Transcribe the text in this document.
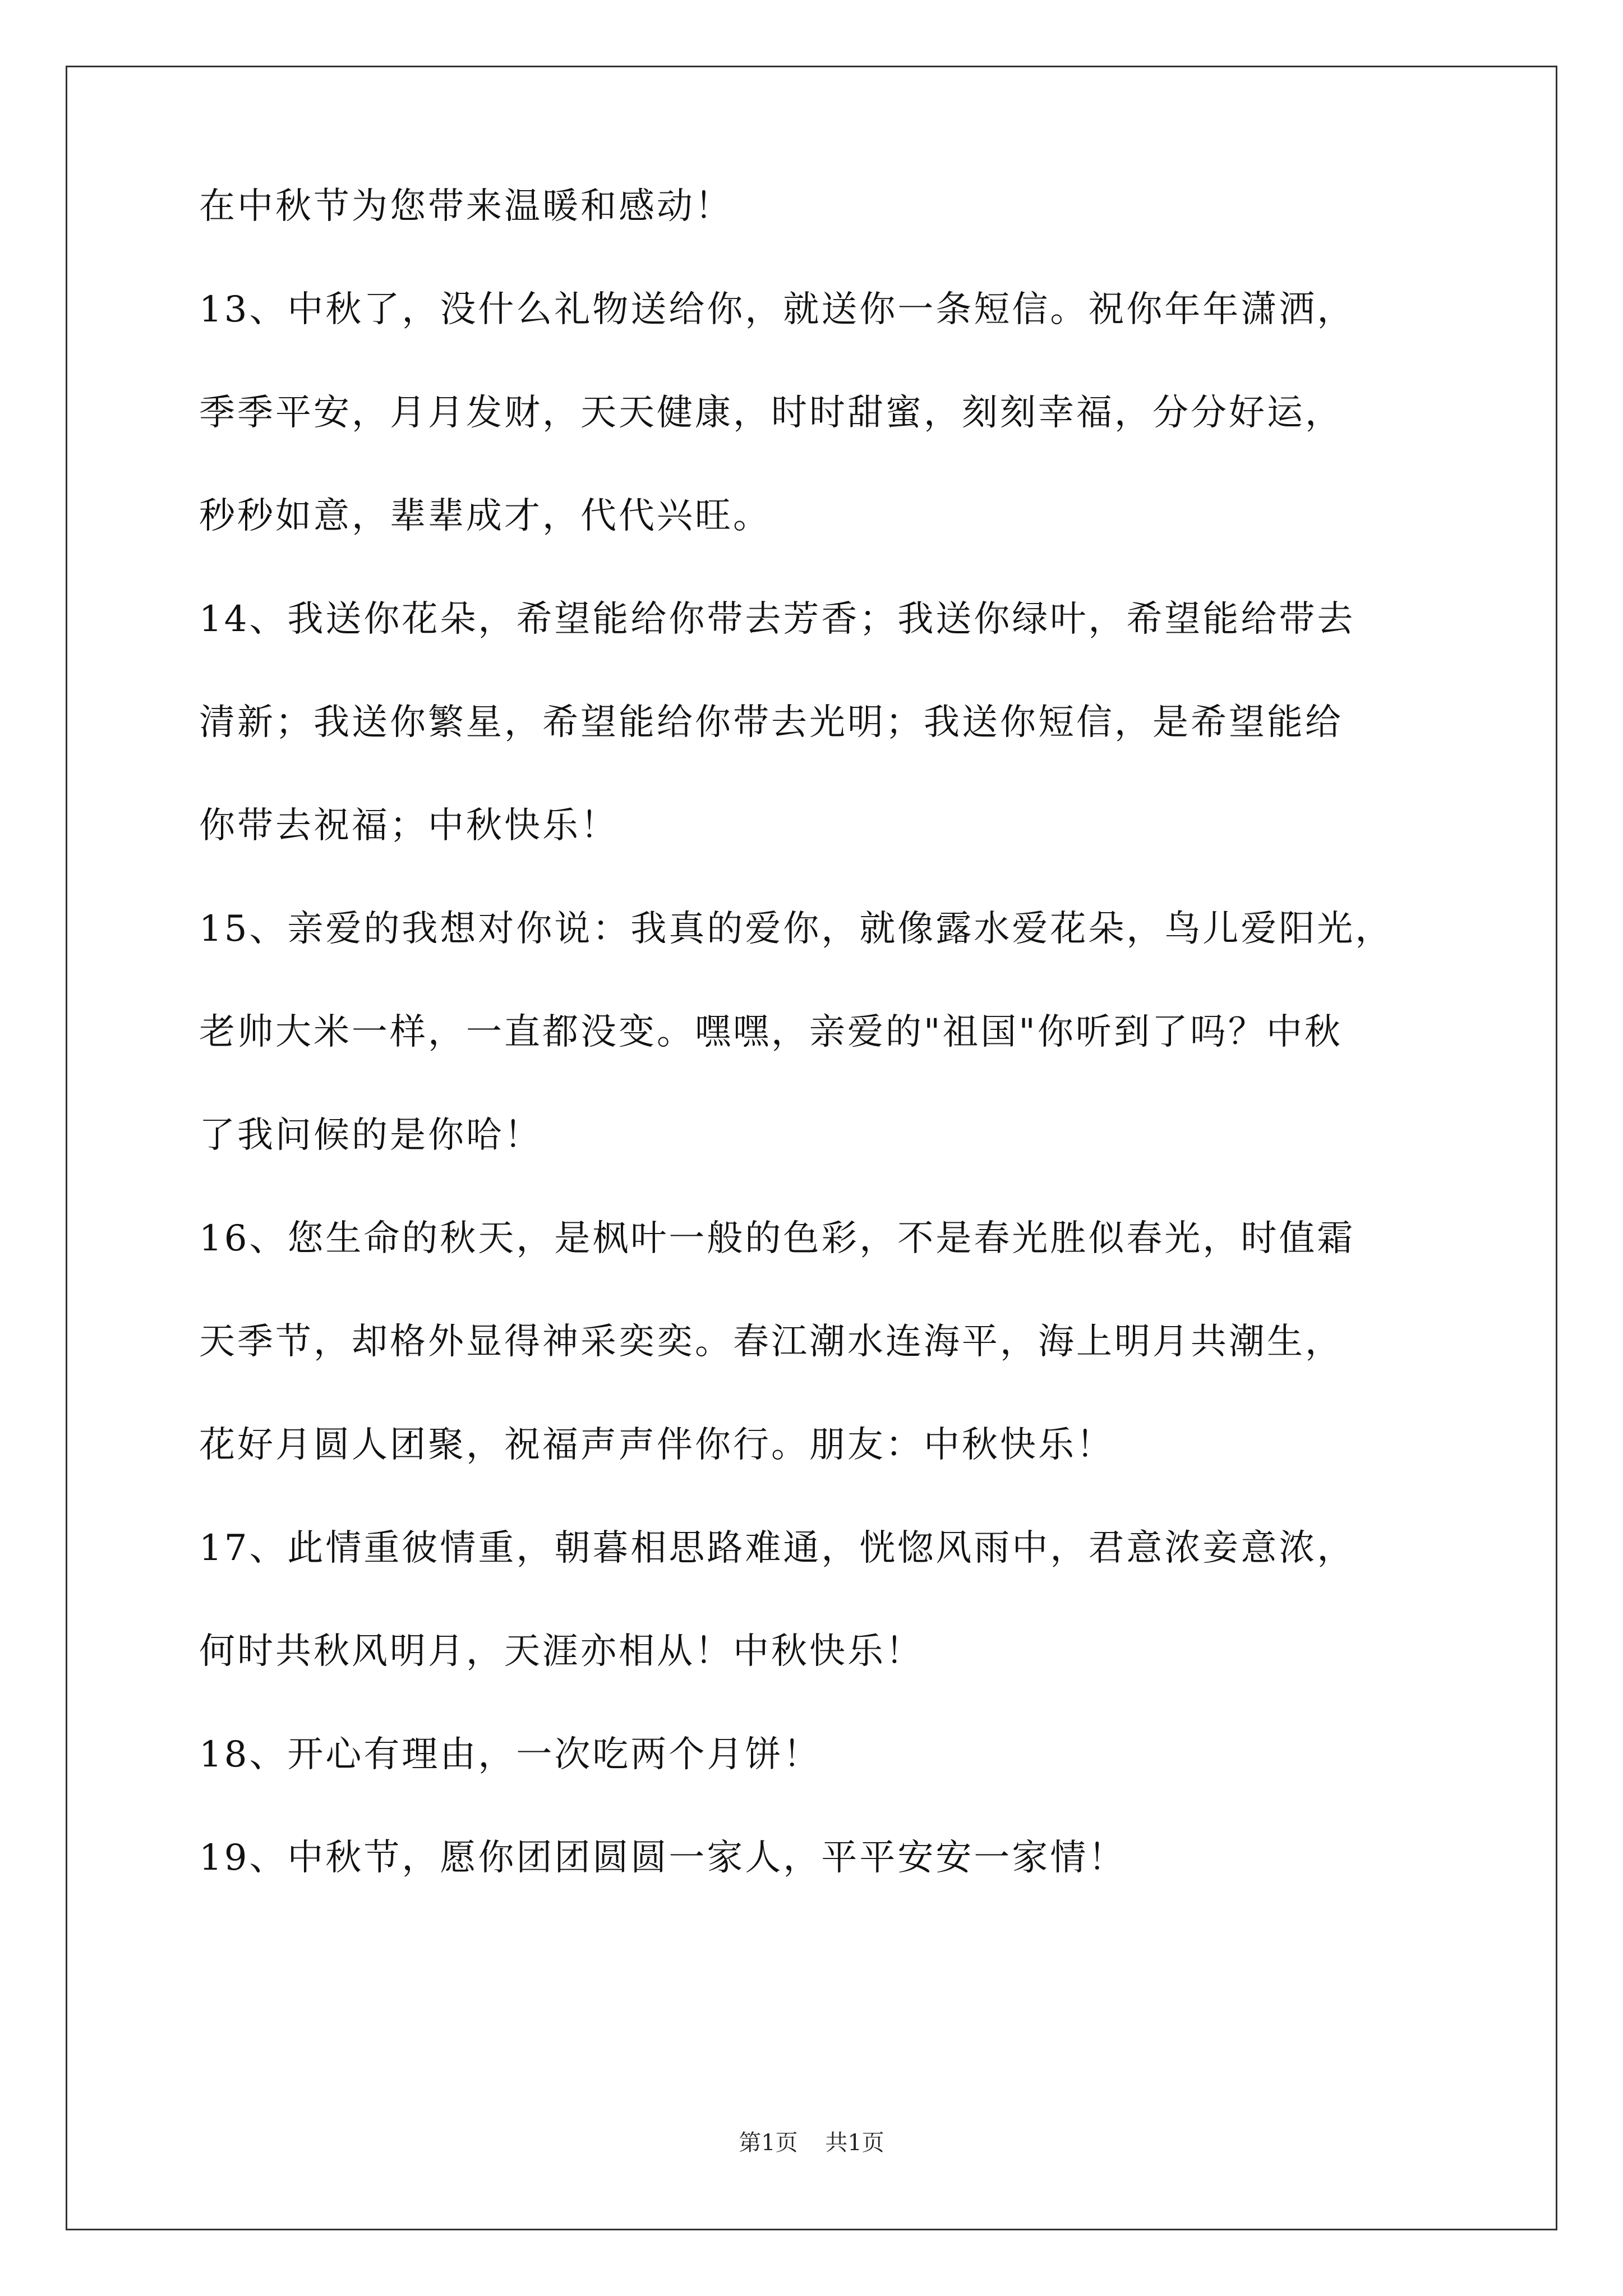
在中秋节为您带来温暖和感动！
13、中秋了，没什么礼物送给你，就送你一条短信。祝你年年潇洒，
季季平安，月月发财，天天健康，时时甜蜜，刻刻幸福，分分好运，
秒秒如意，辈辈成才，代代兴旺。
14、我送你花朵，希望能给你带去芳香；我送你绿叶，希望能给带去
清新；我送你繁星，希望能给你带去光明；我送你短信，是希望能给
你带去祝福；中秋快乐！
15、亲爱的我想对你说：我真的爱你，就像露水爱花朵，鸟儿爱阳光，
老帅大米一样，一直都没变。嘿嘿，亲爱的"祖国"你听到了吗？中秋
了我问候的是你哈！
16、您生命的秋天，是枫叶一般的色彩，不是春光胜似春光，时值霜
天季节，却格外显得神采奕奕。春江潮水连海平，海上明月共潮生，
花好月圆人团聚，祝福声声伴你行。朋友：中秋快乐！
17、此情重彼情重，朝暮相思路难通，恍惚风雨中，君意浓妾意浓，
何时共秋风明月，天涯亦相从！中秋快乐！
18、开心有理由，一次吃两个月饼！
19、中秋节，愿你团团圆圆一家人，平平安安一家情！
第1页 共1页
